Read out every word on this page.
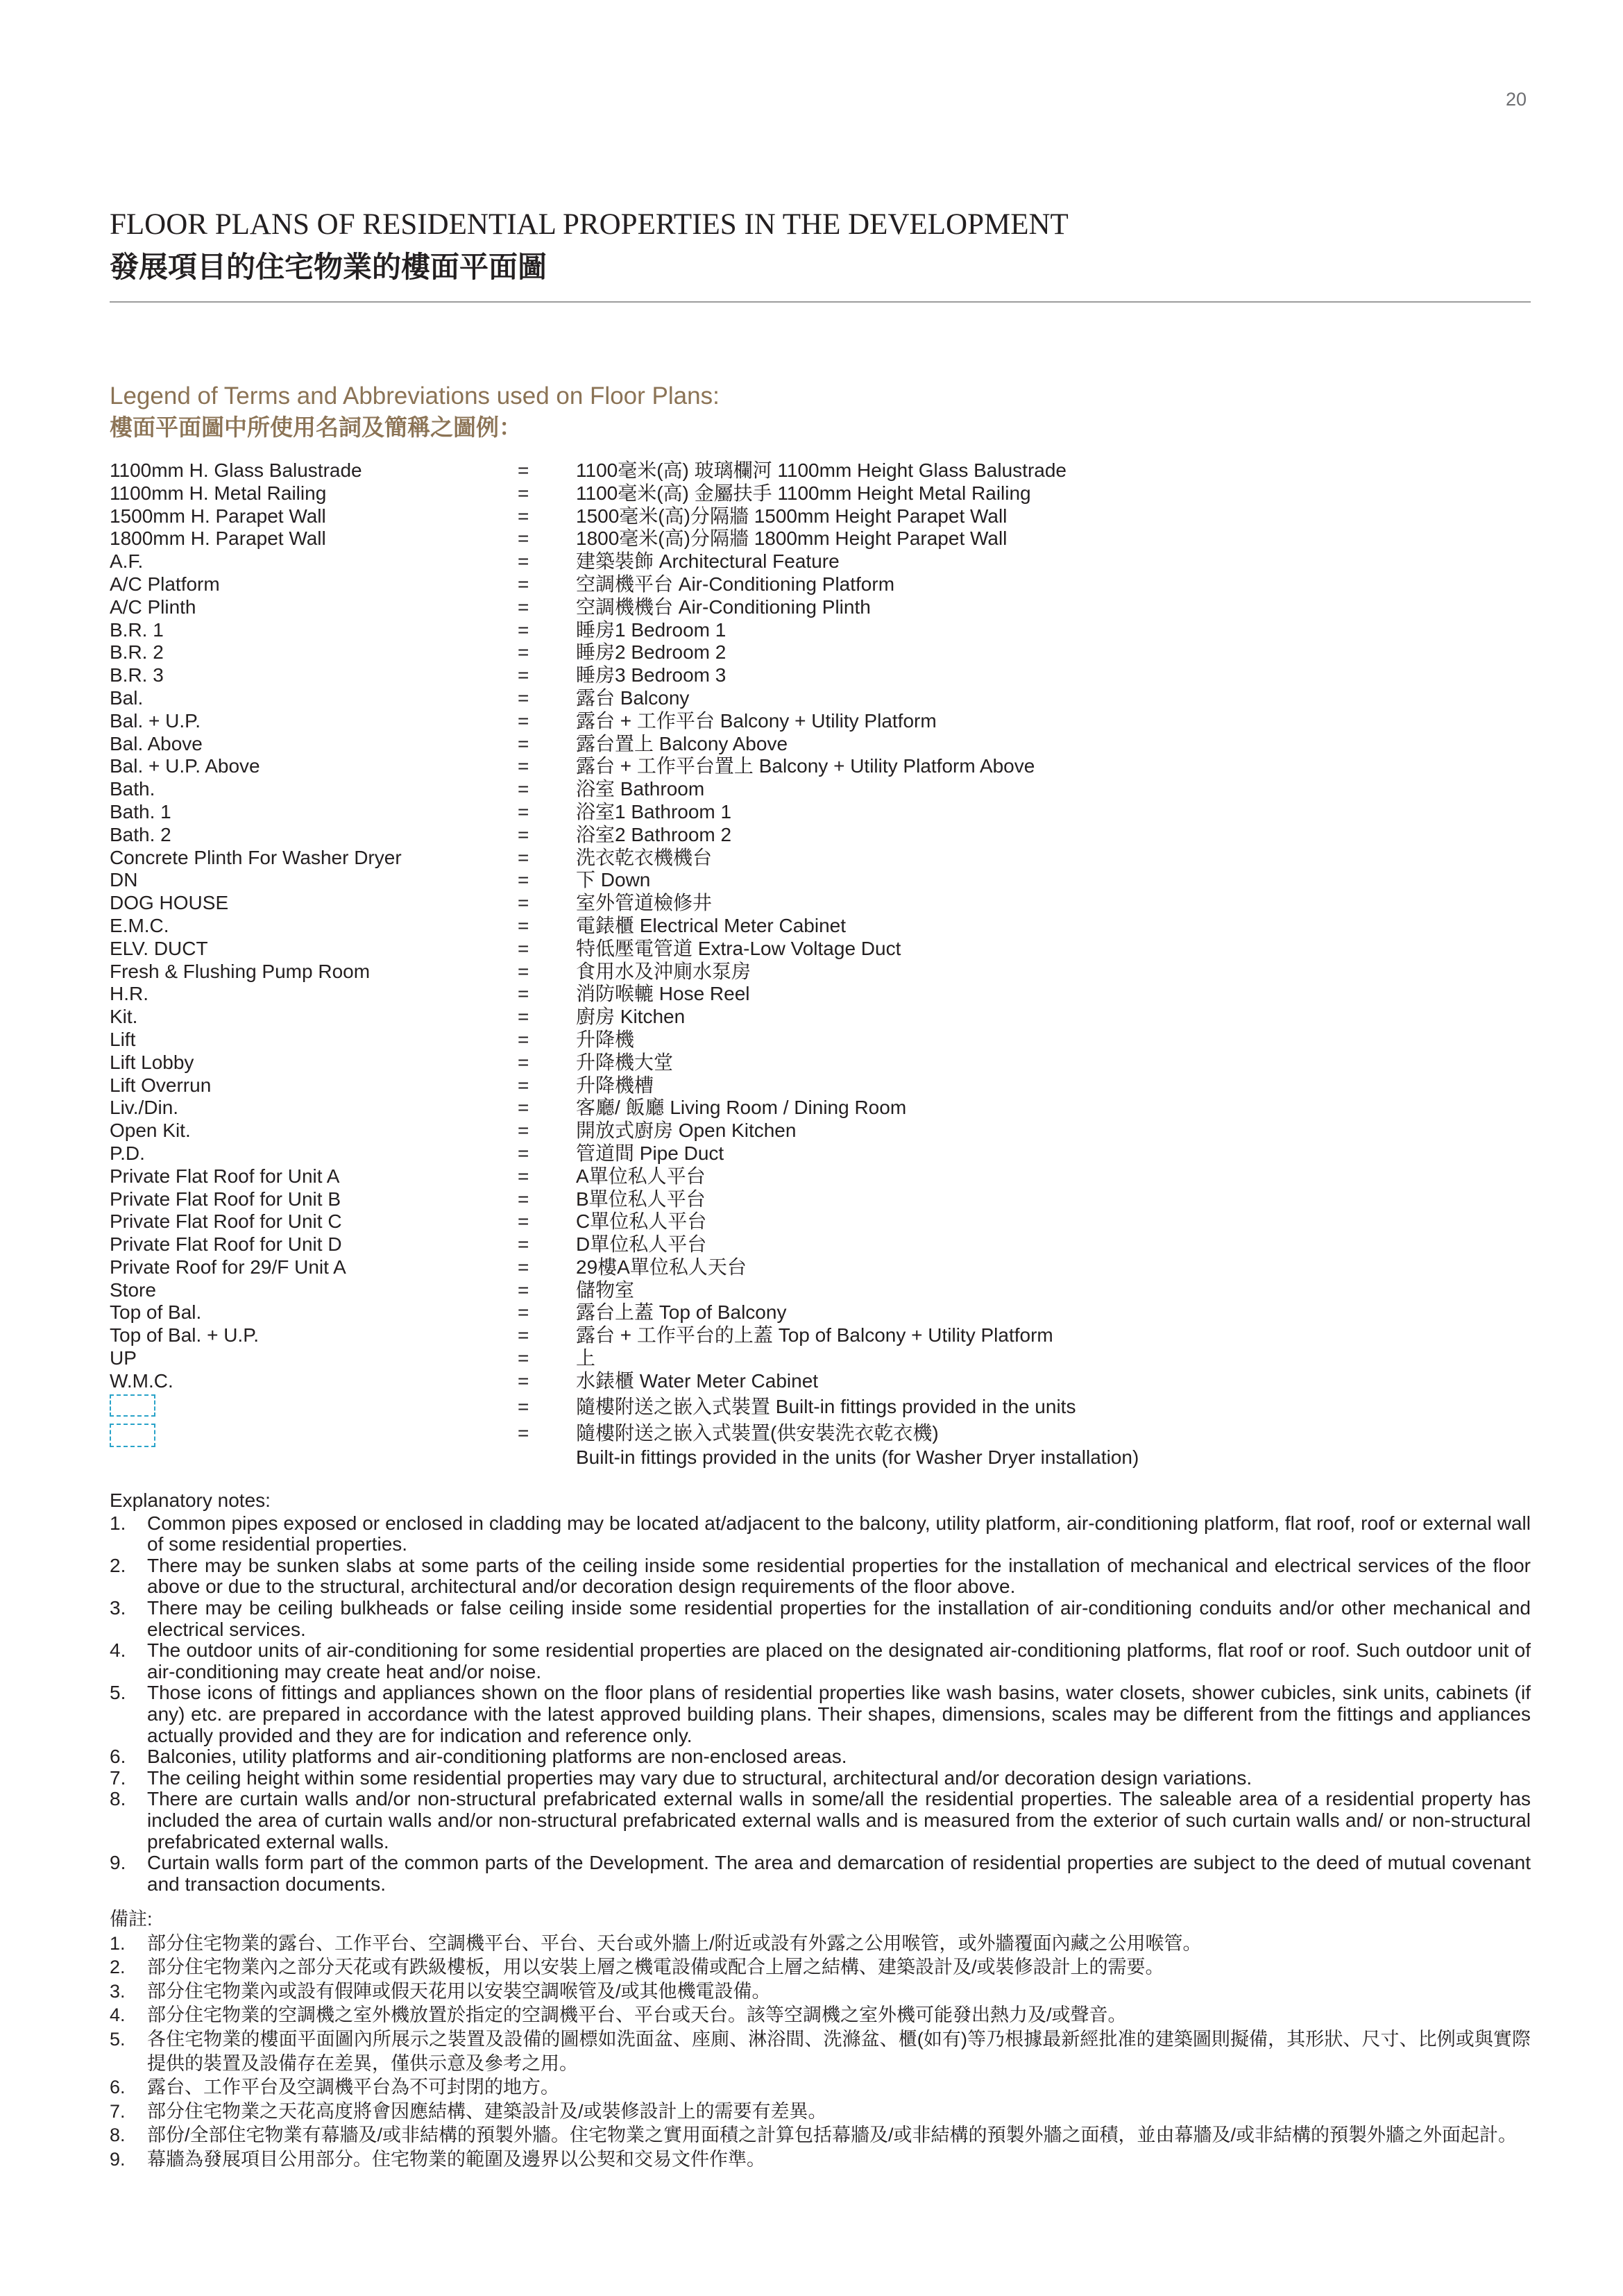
20
FLOOR PLANS OF RESIDENTIAL PROPERTIES IN THE DEVELOPMENT
發展項目的住宅物業的樓面平面圖
Legend of Terms and Abbreviations used on Floor Plans:
樓面平面圖中所使用名詞及簡稱之圖例：
1100mm H. Glass Balustrade	= 1100毫米(高) 玻璃欄河 1100mm Height Glass Balustrade
1100mm H. Metal Railing	= 1100毫米(高) 金屬扶手 1100mm Height Metal Railing
1500mm H. Parapet Wall	= 1500毫米(高)分隔牆 1500mm Height Parapet Wall
1800mm H. Parapet Wall	= 1800毫米(高)分隔牆 1800mm Height Parapet Wall
A.F.	= 建築裝飾 Architectural Feature
A/C Platform	= 空調機平台 Air-Conditioning Platform
A/C Plinth	= 空調機機台 Air-Conditioning Plinth
B.R. 1	= 睡房1 Bedroom 1
B.R. 2	= 睡房2 Bedroom 2
B.R. 3	= 睡房3 Bedroom 3
Bal.	= 露台 Balcony
Bal. + U.P.	= 露台 + 工作平台 Balcony + Utility Platform
Bal. Above	= 露台置上 Balcony Above
Bal. + U.P. Above	= 露台 + 工作平台置上 Balcony + Utility Platform Above
Bath.	= 浴室 Bathroom
Bath. 1	= 浴室1 Bathroom 1
Bath. 2	= 浴室2 Bathroom 2
Concrete Plinth For Washer Dryer	= 洗衣乾衣機機台
DN	= 下 Down
DOG HOUSE	= 室外管道檢修井
E.M.C.	= 電錶櫃 Electrical Meter Cabinet
ELV. DUCT	= 特低壓電管道 Extra-Low Voltage Duct
Fresh & Flushing Pump Room	= 食用水及沖廁水泵房
H.R.	= 消防喉轆 Hose Reel
Kit.	= 廚房 Kitchen
Lift	= 升降機
Lift Lobby	= 升降機大堂
Lift Overrun	= 升降機槽
Liv./Din.	= 客廳/ 飯廳 Living Room / Dining Room
Open Kit.	= 開放式廚房 Open Kitchen
P.D.	= 管道間 Pipe Duct
Private Flat Roof for Unit A	= A單位私人平台
Private Flat Roof for Unit B	= B單位私人平台
Private Flat Roof for Unit C	= C單位私人平台
Private Flat Roof for Unit D	= D單位私人平台
Private Roof for 29/F Unit A	= 29樓A單位私人天台
Store	= 儲物室
Top of Bal.	= 露台上蓋 Top of Balcony
Top of Bal. + U.P.	= 露台 + 工作平台的上蓋 Top of Balcony + Utility Platform
UP	= 上
W.M.C.	= 水錶櫃 Water Meter Cabinet
= 隨樓附送之嵌入式裝置 Built-in fittings provided in the units
= 隨樓附送之嵌入式裝置(供安裝洗衣乾衣機)
Built-in fittings provided in the units (for Washer Dryer installation)
Explanatory notes:
1. Common pipes exposed or enclosed in cladding may be located at/adjacent to the balcony, utility platform, air-conditioning platform, flat roof, roof or external wall of some residential properties.
2. There may be sunken slabs at some parts of the ceiling inside some residential properties for the installation of mechanical and electrical services of the floor above or due to the structural, architectural and/or decoration design requirements of the floor above.
3. There may be ceiling bulkheads or false ceiling inside some residential properties for the installation of air-conditioning conduits and/or other mechanical and electrical services.
4. The outdoor units of air-conditioning for some residential properties are placed on the designated air-conditioning platforms, flat roof or roof. Such outdoor unit of air-conditioning may create heat and/or noise.
5. Those icons of fittings and appliances shown on the floor plans of residential properties like wash basins, water closets, shower cubicles, sink units, cabinets (if any) etc. are prepared in accordance with the latest approved building plans. Their shapes, dimensions, scales may be different from the fittings and appliances actually provided and they are for indication and reference only.
6. Balconies, utility platforms and air-conditioning platforms are non-enclosed areas.
7. The ceiling height within some residential properties may vary due to structural, architectural and/or decoration design variations.
8. There are curtain walls and/or non-structural prefabricated external walls in some/all the residential properties. The saleable area of a residential property has included the area of curtain walls and/or non-structural prefabricated external walls and is measured from the exterior of such curtain walls and/ or non-structural prefabricated external walls.
9. Curtain walls form part of the common parts of the Development. The area and demarcation of residential properties are subject to the deed of mutual covenant and transaction documents.
備註:
1. 部分住宅物業的露台、工作平台、空調機平台、平台、天台或外牆上/附近或設有外露之公用喉管，或外牆覆面內藏之公用喉管。
2. 部分住宅物業內之部分天花或有跌級樓板，用以安裝上層之機電設備或配合上層之結構、建築設計及/或裝修設計上的需要。
3. 部分住宅物業內或設有假陣或假天花用以安裝空調喉管及/或其他機電設備。
4. 部分住宅物業的空調機之室外機放置於指定的空調機平台、平台或天台。該等空調機之室外機可能發出熱力及/或聲音。
5. 各住宅物業的樓面平面圖內所展示之裝置及設備的圖標如洗面盆、座廁、淋浴間、洗滌盆、櫃(如有)等乃根據最新經批准的建築圖則擬備，其形狀、尺寸、比例或與實際提供的裝置及設備存在差異，僅供示意及參考之用。
6. 露台、工作平台及空調機平台為不可封閉的地方。
7. 部分住宅物業之天花高度將會因應結構、建築設計及/或裝修設計上的需要有差異。
8. 部份/全部住宅物業有幕牆及/或非結構的預製外牆。住宅物業之實用面積之計算包括幕牆及/或非結構的預製外牆之面積，並由幕牆及/或非結構的預製外牆之外面起計。
9. 幕牆為發展項目公用部分。住宅物業的範圍及邊界以公契和交易文件作準。
